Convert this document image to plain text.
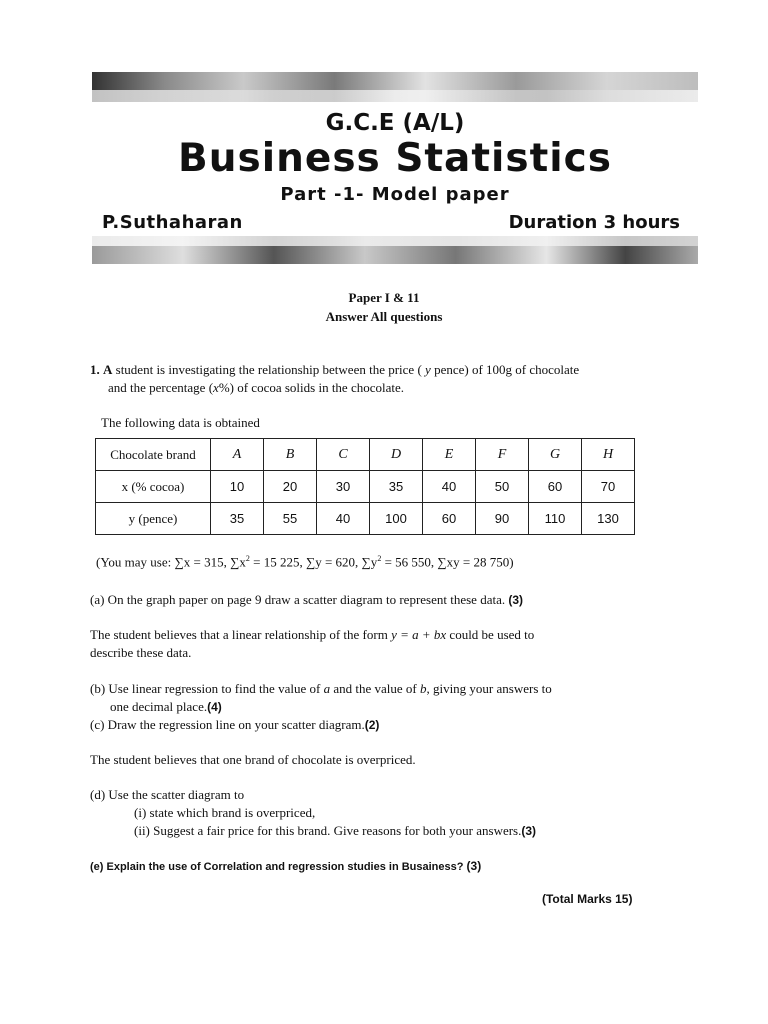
G.C.E (A/L)
Business Statistics
Part -1- Model paper
P.Suthaharan	Duration 3 hours
Paper I & 11
Answer All questions
1. A student is investigating the relationship between the price ( y pence) of 100g of chocolate
and the percentage (x%) of cocoa solids in the chocolate.
The following data is obtained
Chocolate brand	A	B	C	D	E	F	G	H
x (% cocoa)	10	20	30	35	40	50	60	70
y (pence)	35	55	40	100	60	90	110	130
(You may use: ∑x = 315, $\sum x^2 = 15$ 225, ∑y = 620, $\sum y^2 = 56$ 550, ∑xy = 28 750)
(a) On the graph paper on page 9 draw a scatter diagram to represent these data. (3)
The student believes that a linear relationship of the form y = a + bx could be used to
describe these data.
(b) Use linear regression to find the value of a and the value of b, giving your answers to
one decimal place.(4)
(c) Draw the regression line on your scatter diagram.(2)
The student believes that one brand of chocolate is overpriced.
(d) Use the scatter diagram to
(i) state which brand is overpriced,
(ii) Suggest a fair price for this brand. Give reasons for both your answers.(3)
(e) Explain the use of Correlation and regression studies in Busainess? (3)
(Total Marks 15)
